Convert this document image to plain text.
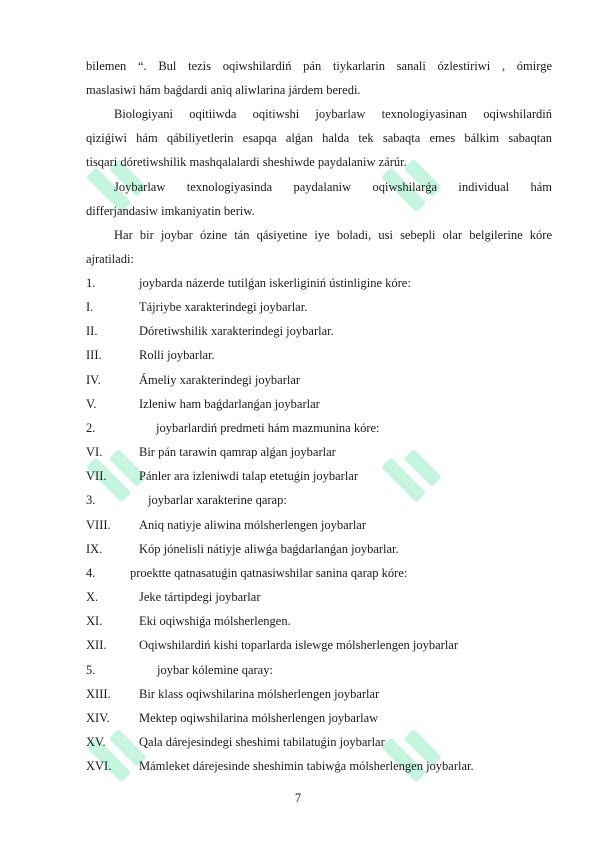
bilemen “. Bul tezis oqiwshilardiń pán tiykarlarin sanali ózlestiriwi , ómirge
maslasiwi hám baǵdardi aniq aliwlarina járdem beredi.
Biologiyani oqitiiwda oqitiwshi joybarlaw texnologiyasinan oqiwshilardiń
qiziǵiwi hám qábiliyetlerin esapqa alǵan halda tek sabaqta emes bálkim sabaqtan
tisqari dóretiwshilik mashqalalardi sheshiwde paydalaniw zárúr.
Joybarlaw texnologiyasinda paydalaniw oqiwshilarǵa individual hám
differjandasiw imkaniyatin beriw.
Har bir joybar ózine tán qásiyetine iye boladi, usi sebepli olar belgilerine kóre
ajratiladi:
1.	joybarda názerde tutilǵan iskerliginiń ústinligine kóre:
I.	Tájriybe xarakterindegi joybarlar.
II.	Dóretiwshilik xarakterindegi joybarlar.
III.	Rolli joybarlar.
IV.	Ámeliy xarakterindegi joybarlar
V.	Izleniw ham baǵdarlanǵan joybarlar
2.	joybarlardiń predmeti hám mazmunina kóre:
VI.	Bir pán tarawin qamrap alǵan joybarlar
VII.	Pánler ara izleniwdi talap etetuǵin joybarlar
3.	joybarlar xarakterine qarap:
VIII. Aniq natiyje aliwina mólsherlengen joybarlar
IX.	Kóp jónelisli nátiyje aliwǵa baǵdarlanǵan joybarlar.
4.	proektte qatnasatuǵin qatnasiwshilar sanina qarap kóre:
X.	Jeke tártipdegi joybarlar
XI.	Eki oqiwshiǵa mólsherlengen.
XII.	Oqiwshilardiń kishi toparlarda islewge mólsherlengen joybarlar
5.	joybar kólemine qaray:
XIII. Bir klass oqiwshilarina mólsherlengen joybarlar
XIV. Mektep oqiwshilarina mólsherlengen joybarlaw
XV.	Qala dárejesindegi sheshimi tabilatuǵin joybarlar
XVI. Mámleket dárejesinde sheshimin tabiwǵa mólsherlengen joybarlar.
7
